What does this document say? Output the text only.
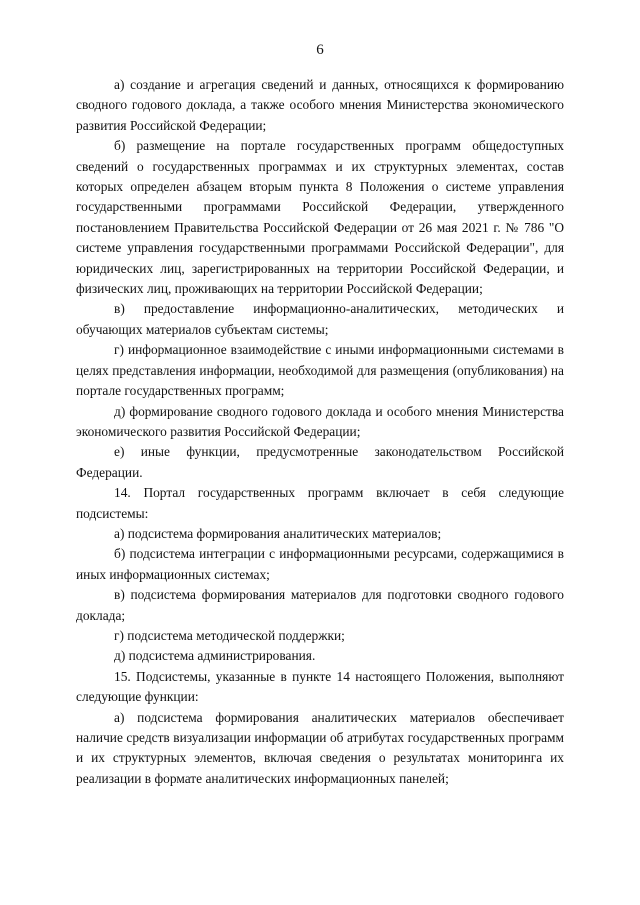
6

а) создание и агрегация сведений и данных, относящихся к формированию сводного годового доклада, а также особого мнения Министерства экономического развития Российской Федерации;

б) размещение на портале государственных программ общедоступных сведений о государственных программах и их структурных элементах, состав которых определен абзацем вторым пункта 8 Положения о системе управления государственными программами Российской Федерации, утвержденного постановлением Правительства Российской Федерации от 26 мая 2021 г. № 786 "О системе управления государственными программами Российской Федерации", для юридических лиц, зарегистрированных на территории Российской Федерации, и физических лиц, проживающих на территории Российской Федерации;

в) предоставление информационно-аналитических, методических и обучающих материалов субъектам системы;

г) информационное взаимодействие с иными информационными системами в целях представления информации, необходимой для размещения (опубликования) на портале государственных программ;

д) формирование сводного годового доклада и особого мнения Министерства экономического развития Российской Федерации;

е) иные функции, предусмотренные законодательством Российской Федерации.

14. Портал государственных программ включает в себя следующие подсистемы:

а) подсистема формирования аналитических материалов;

б) подсистема интеграции с информационными ресурсами, содержащимися в иных информационных системах;

в) подсистема формирования материалов для подготовки сводного годового доклада;

г) подсистема методической поддержки;

д) подсистема администрирования.

15. Подсистемы, указанные в пункте 14 настоящего Положения, выполняют следующие функции:

а) подсистема формирования аналитических материалов обеспечивает наличие средств визуализации информации об атрибутах государственных программ и их структурных элементов, включая сведения о результатах мониторинга их реализации в формате аналитических информационных панелей;
